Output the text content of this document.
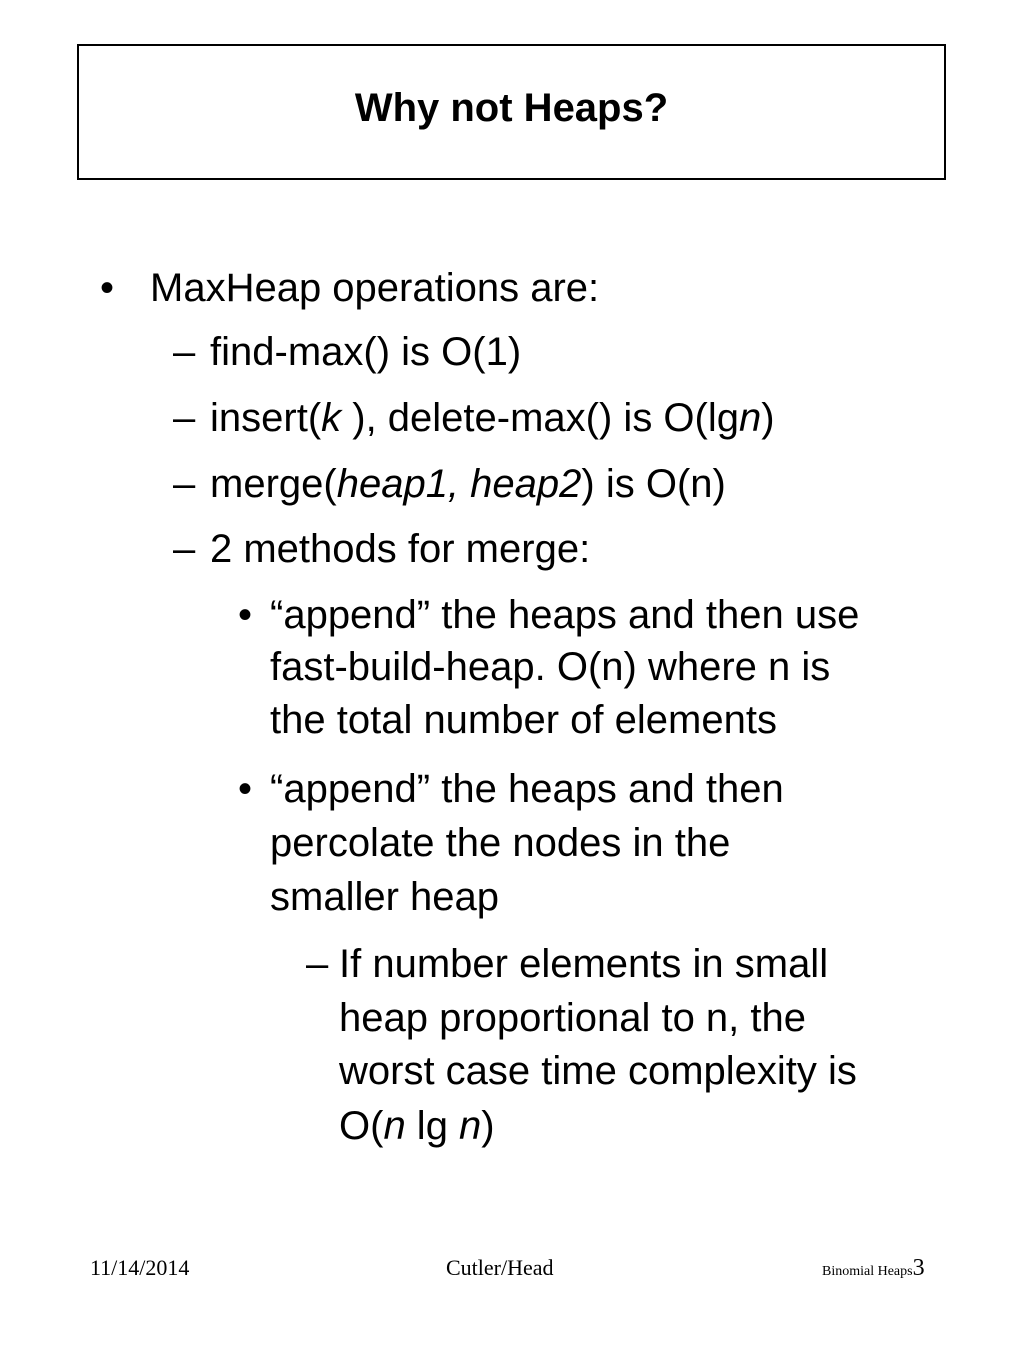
Why not Heaps?
• MaxHeap operations are:
– find-max() is O(1)
– insert(k ), delete-max() is O(lgn)
– merge(heap1, heap2) is O(n)
– 2 methods for merge:
• “append” the heaps and then use
fast-build-heap. O(n) where n is
the total number of elements
• “append” the heaps and then
percolate the nodes in the
smaller heap
– If number elements in small
heap proportional to n, the
worst case time complexity is
O(n lg n)
11/14/2014	Cutler/Head	Binomial Heaps3
